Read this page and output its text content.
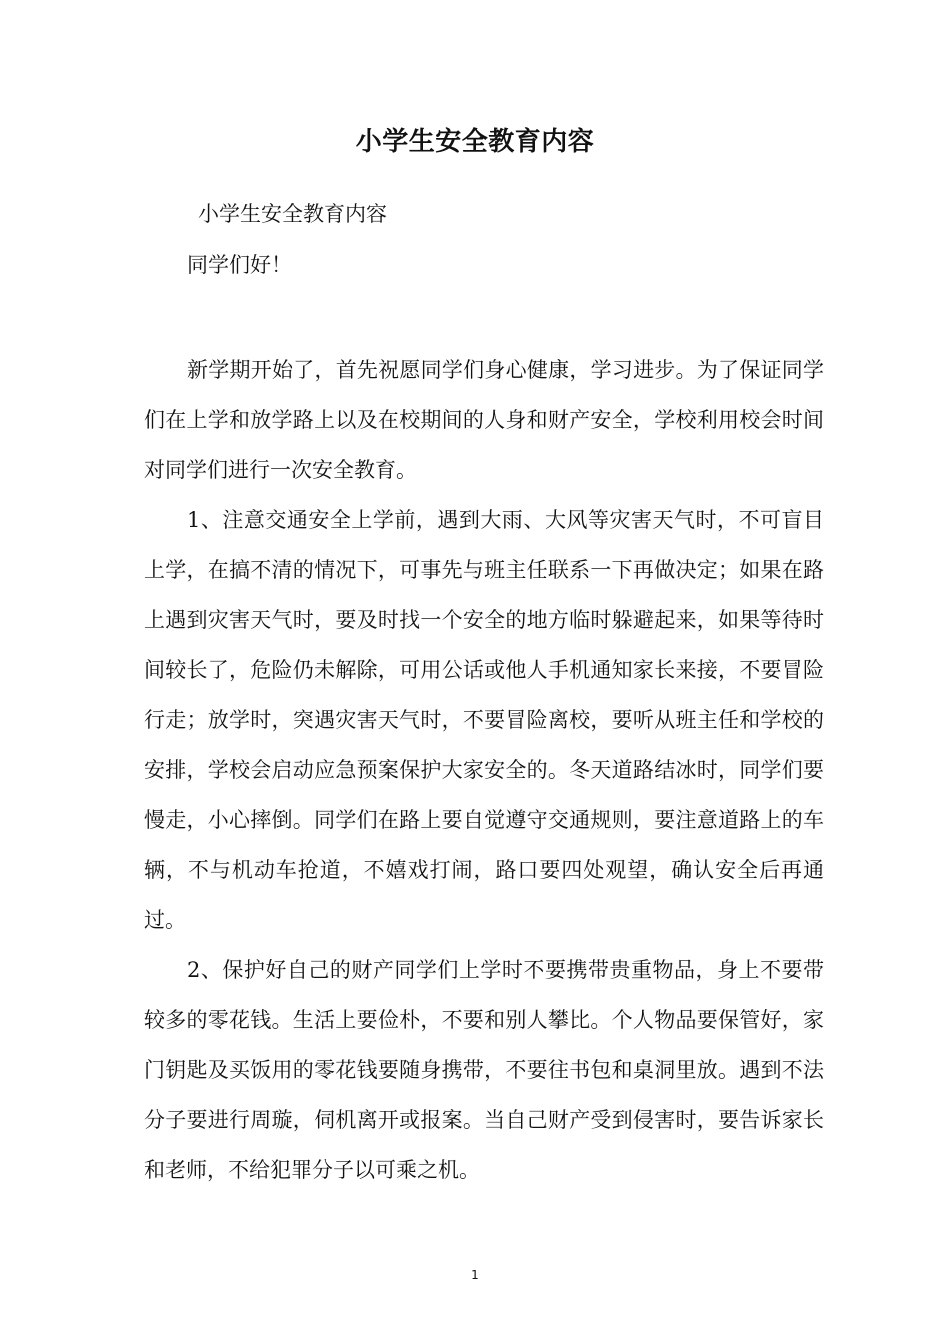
小学生安全教育内容
小学生安全教育内容
同学们好！

新学期开始了，首先祝愿同学们身心健康，学习进步。为了保证同学们在上学和放学路上以及在校期间的人身和财产安全，学校利用校会时间对同学们进行一次安全教育。

1、注意交通安全上学前，遇到大雨、大风等灾害天气时，不可盲目上学，在搞不清的情况下，可事先与班主任联系一下再做决定；如果在路上遇到灾害天气时，要及时找一个安全的地方临时躲避起来，如果等待时间较长了，危险仍未解除，可用公话或他人手机通知家长来接，不要冒险行走；放学时，突遇灾害天气时，不要冒险离校，要听从班主任和学校的安排，学校会启动应急预案保护大家安全的。冬天道路结冰时，同学们要慢走，小心摔倒。同学们在路上要自觉遵守交通规则，要注意道路上的车辆，不与机动车抢道，不嬉戏打闹，路口要四处观望，确认安全后再通过。

2、保护好自己的财产同学们上学时不要携带贵重物品，身上不要带较多的零花钱。生活上要俭朴，不要和别人攀比。个人物品要保管好，家门钥匙及买饭用的零花钱要随身携带，不要往书包和桌洞里放。遇到不法分子要进行周璇，伺机离开或报案。当自己财产受到侵害时，要告诉家长和老师，不给犯罪分子以可乘之机。

1
